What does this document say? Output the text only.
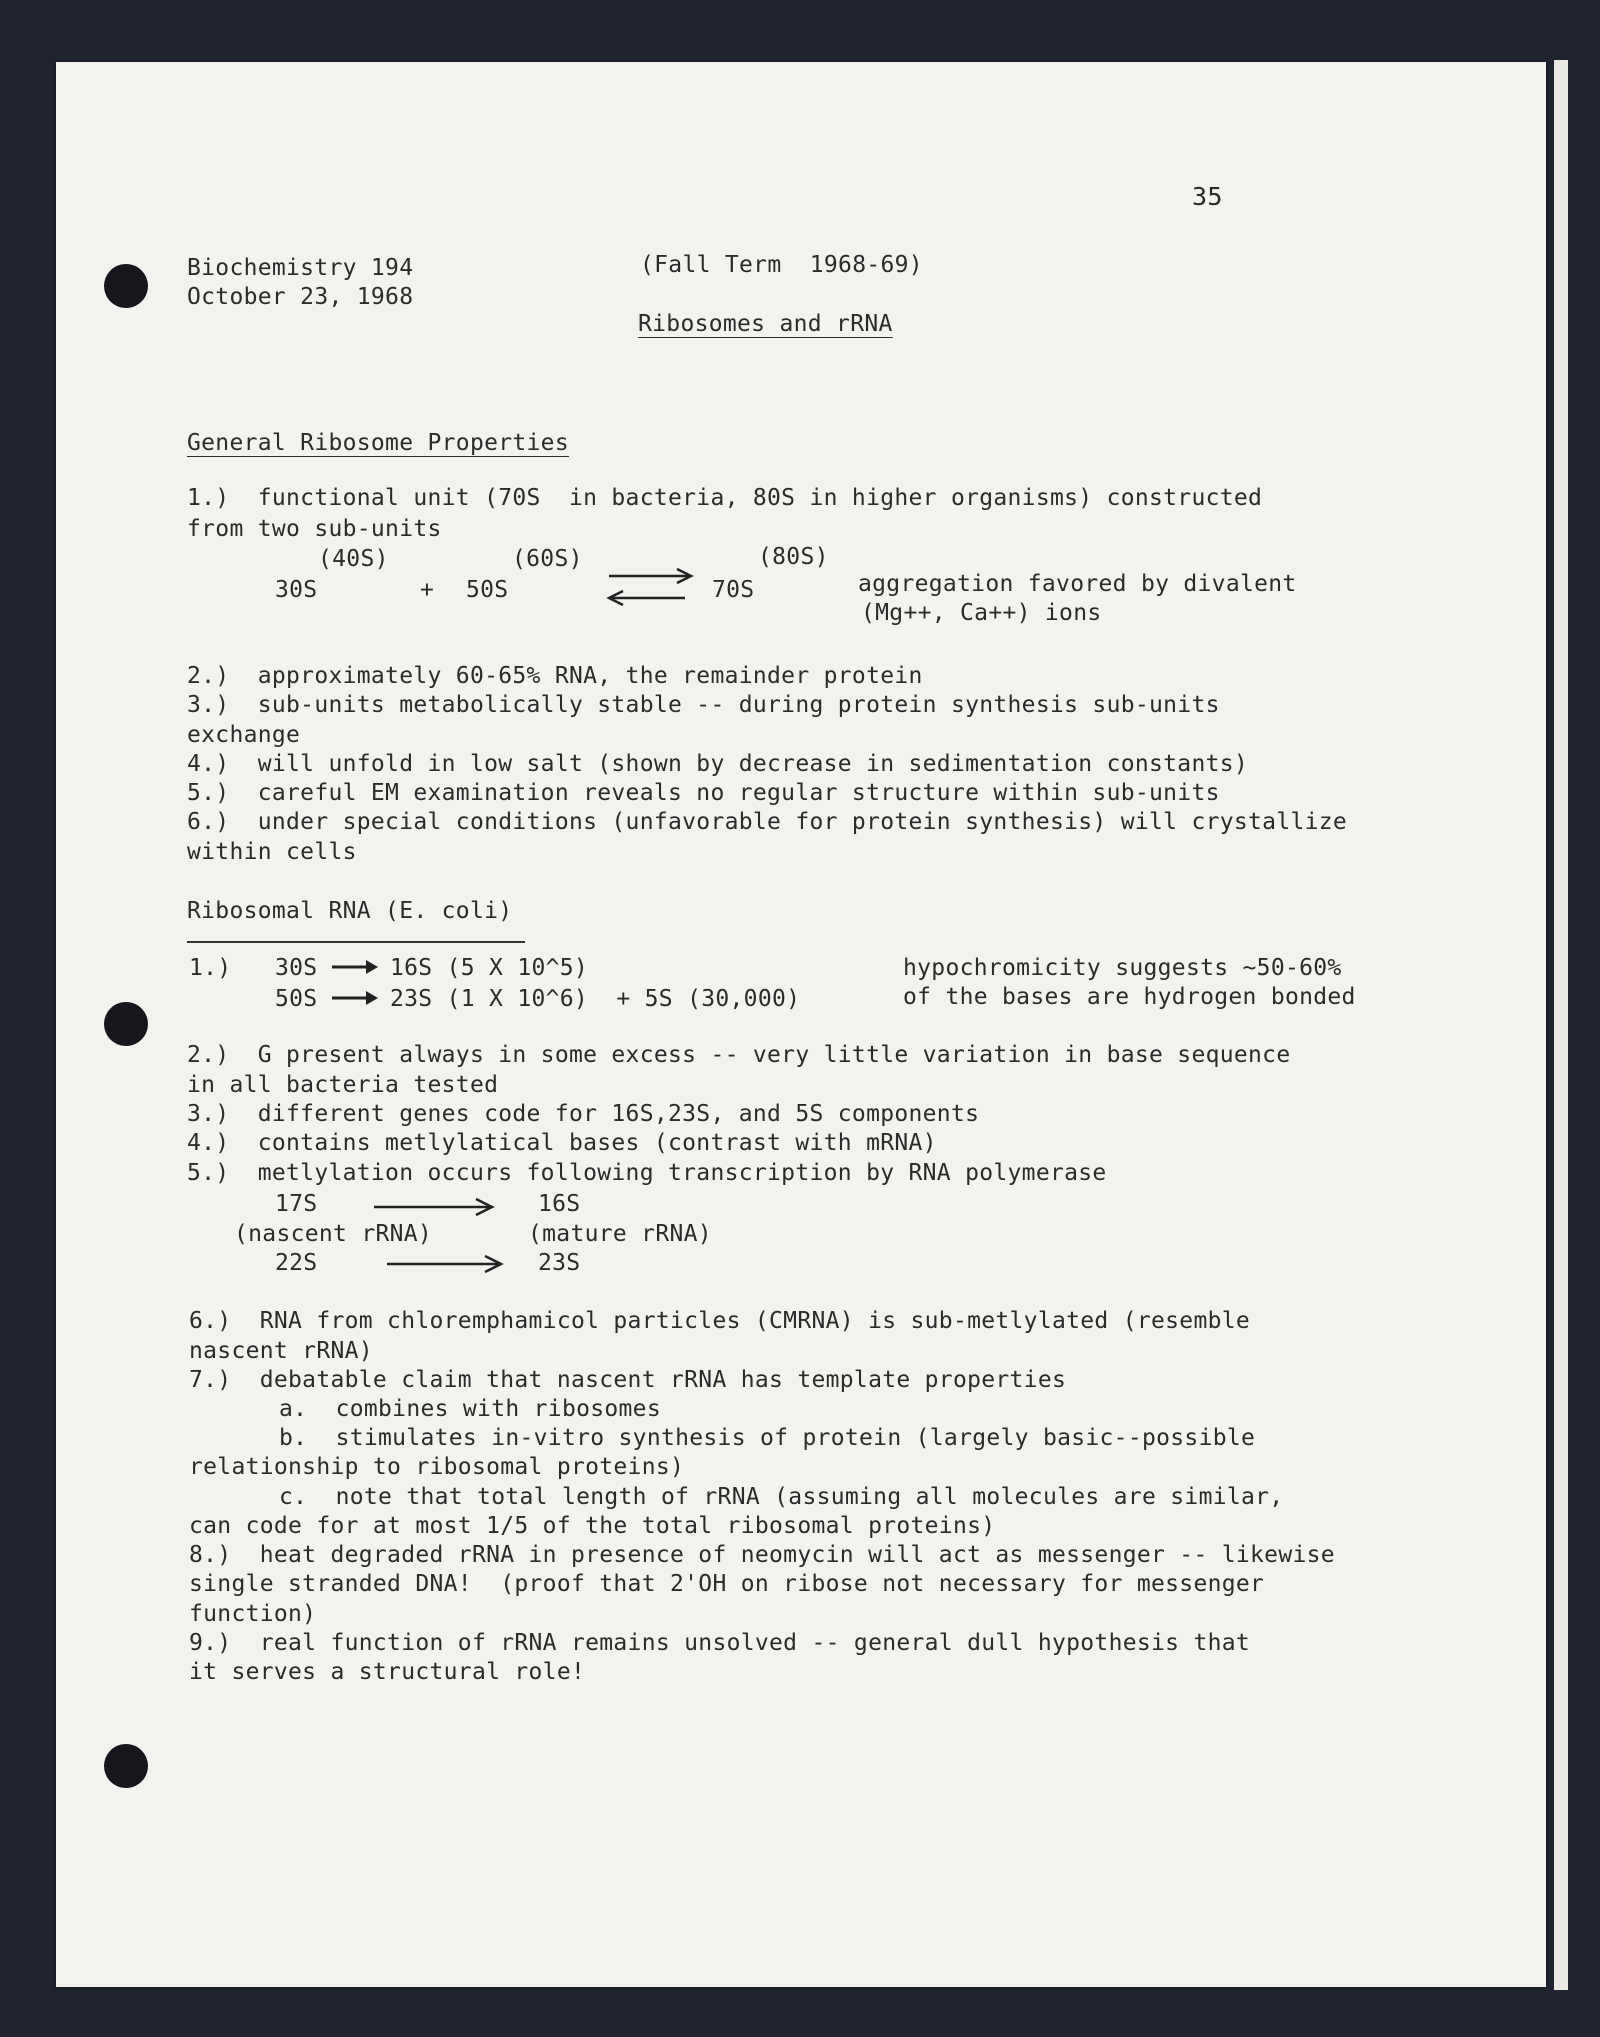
35
Biochemistry 194
October 23, 1968
(Fall Term  1968-69)
Ribosomes and rRNA
General Ribosome Properties
1.)  functional unit (70S  in bacteria, 80S in higher organisms) constructed
from two sub-units
(40S)	(60S)	(80S)
30S	+ 50S	70S	aggregation favored by divalent
(Mg++, Ca++) ions
2.)  approximately 60-65% RNA, the remainder protein
3.)  sub-units metabolically stable -- during protein synthesis sub-units
exchange
4.)  will unfold in low salt (shown by decrease in sedimentation constants)
5.)  careful EM examination reveals no regular structure within sub-units
6.)  under special conditions (unfavorable for protein synthesis) will crystallize
within cells
Ribosomal RNA (E. coli)
1.) 30S	16S (5 X 10^5)
50S	23S (1 X 10^6)  + 5S (30,000)
hypochromicity suggests ~50-60%
of the bases are hydrogen bonded
2.)  G present always in some excess -- very little variation in base sequence
in all bacteria tested
3.)  different genes code for 16S,23S, and 5S components
4.)  contains metlylatical bases (contrast with mRNA)
5.)  metlylation occurs following transcription by RNA polymerase
17S	16S
(nascent rRNA)	(mature rRNA)
22S	23S
6.)  RNA from chloremphamicol particles (CMRNA) is sub-metlylated (resemble
nascent rRNA)
7.)  debatable claim that nascent rRNA has template properties
a.  combines with ribosomes
b.  stimulates in-vitro synthesis of protein (largely basic--possible
relationship to ribosomal proteins)
c.  note that total length of rRNA (assuming all molecules are similar,
can code for at most 1/5 of the total ribosomal proteins)
8.)  heat degraded rRNA in presence of neomycin will act as messenger -- likewise
single stranded DNA!  (proof that 2'OH on ribose not necessary for messenger
function)
9.)  real function of rRNA remains unsolved -- general dull hypothesis that
it serves a structural role!
